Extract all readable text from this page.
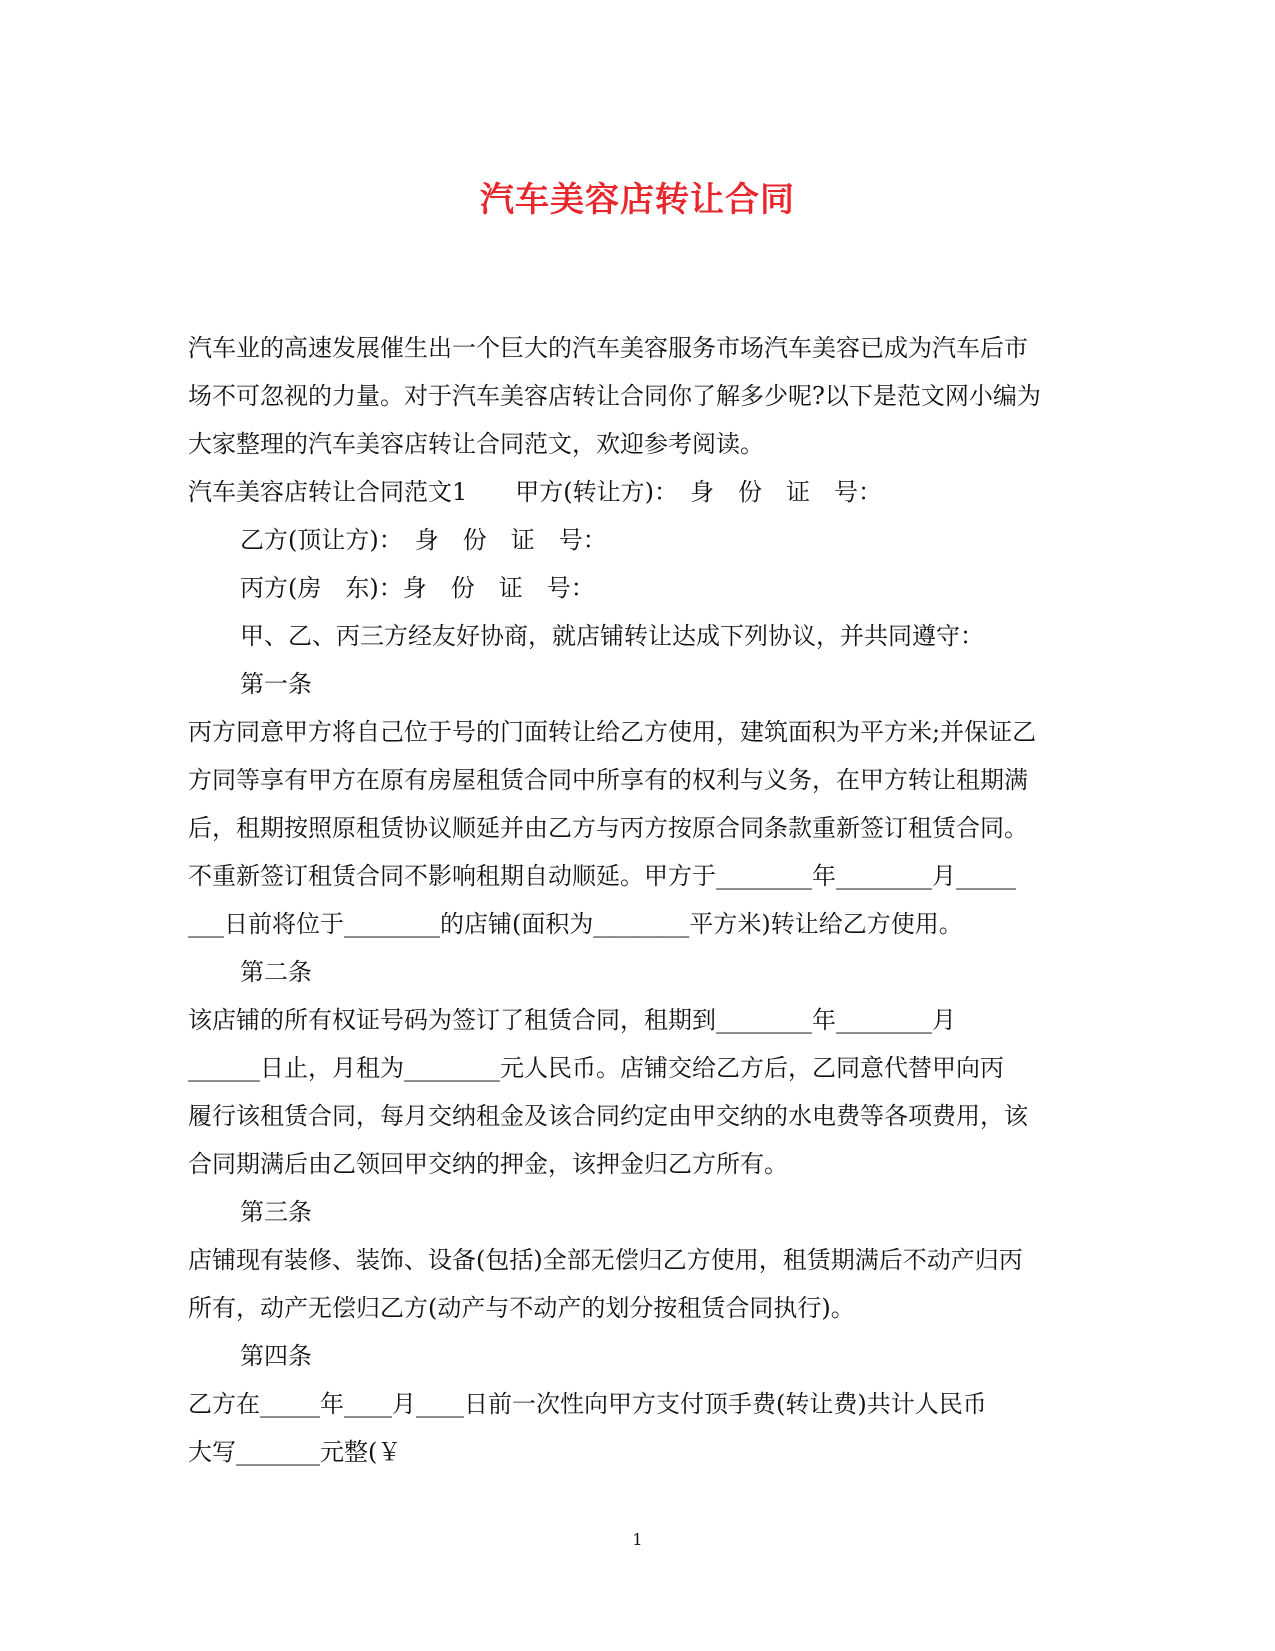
汽车美容店转让合同
汽车业的高速发展催生出一个巨大的汽车美容服务市场汽车美容已成为汽车后市
场不可忽视的力量。对于汽车美容店转让合同你了解多少呢?以下是范文网小编为
大家整理的汽车美容店转让合同范文，欢迎参考阅读。
汽车美容店转让合同范文1　　甲方(转让方)：　身　份　证　号：
乙方(顶让方)：　身　份　证　号：
丙方(房　东)：身　份　证　号：
甲、乙、丙三方经友好协商，就店铺转让达成下列协议，并共同遵守：
第一条
丙方同意甲方将自己位于号的门面转让给乙方使用，建筑面积为平方米;并保证乙
方同等享有甲方在原有房屋租赁合同中所享有的权利与义务，在甲方转让租期满
后，租期按照原租赁协议顺延并由乙方与丙方按原合同条款重新签订租赁合同。
不重新签订租赁合同不影响租期自动顺延。甲方于________年________月_____
___日前将位于________的店铺(面积为________平方米)转让给乙方使用。
第二条
该店铺的所有权证号码为签订了租赁合同，租期到________年________月
______日止，月租为________元人民币。店铺交给乙方后，乙同意代替甲向丙
履行该租赁合同，每月交纳租金及该合同约定由甲交纳的水电费等各项费用，该
合同期满后由乙领回甲交纳的押金，该押金归乙方所有。
第三条
店铺现有装修、装饰、设备(包括)全部无偿归乙方使用，租赁期满后不动产归丙
所有，动产无偿归乙方(动产与不动产的划分按租赁合同执行)。
第四条
乙方在_____年____月____日前一次性向甲方支付顶手费(转让费)共计人民币
大写_______元整(￥
1
